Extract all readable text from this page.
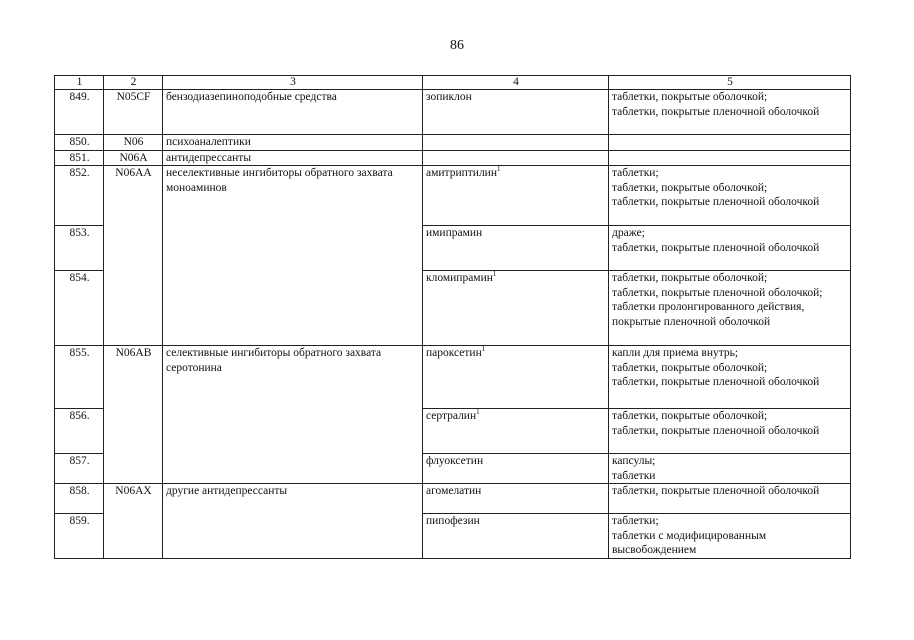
86
1	2	3	4	5
849.	N05CF	бензодиазепиноподобные средства	зопиклон	таблетки, покрытые оболочкой;
таблетки, покрытые пленочной оболочкой
850.	N06	психоаналептики		
851.	N06A	антидепрессанты		
852.	N06AA	неселективные ингибиторы обратного захвата моноаминов	амитриптилин$^1$	таблетки;
таблетки, покрытые оболочкой;
таблетки, покрытые пленочной оболочкой
853.			имипрамин	драже;
таблетки, покрытые пленочной оболочкой
854.			кломипрамин$^1$	таблетки, покрытые оболочкой;
таблетки, покрытые пленочной оболочкой;
таблетки пролонгированного действия, покрытые пленочной оболочкой
855.	N06AB	селективные ингибиторы обратного захвата серотонина	пароксетин$^1$	капли для приема внутрь;
таблетки, покрытые оболочкой;
таблетки, покрытые пленочной оболочкой
856.			сертралин$^1$	таблетки, покрытые оболочкой;
таблетки, покрытые пленочной оболочкой
857.			флуоксетин	капсулы;
таблетки
858.	N06AX	другие антидепрессанты	агомелатин	таблетки, покрытые пленочной оболочкой
859.			пипофезин	таблетки;
таблетки с модифицированным высвобождением
